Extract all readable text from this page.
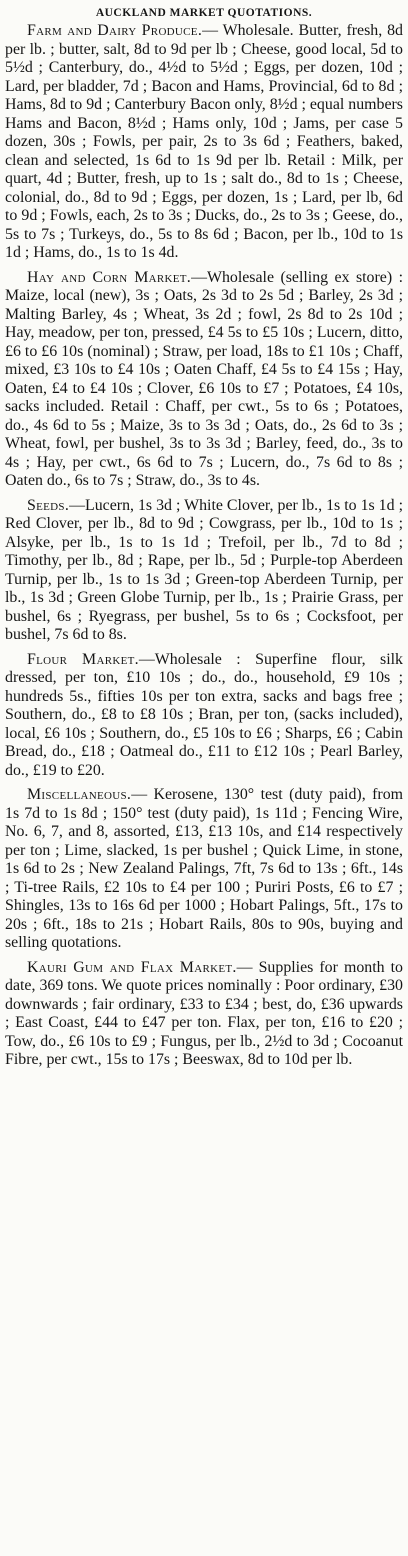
AUCKLAND MARKET QUOTATIONS.

Farm and Dairy Produce.— Wholesale. Butter, fresh, 8d per lb. ; butter, salt, 8d to 9d per lb ; Cheese, good local, 5d to 5½d ; Canterbury, do., 4½d to 5½d ; Eggs, per dozen, 10d ; Lard, per bladder, 7d ; Bacon and Hams, Provincial, 6d to 8d ; Hams, 8d to 9d ; Canterbury Bacon only, 8½d ; equal numbers Hams and Bacon, 8½d ; Hams only, 10d ; Jams, per case 5 dozen, 30s ; Fowls, per pair, 2s to 3s 6d ; Feathers, baked, clean and selected, 1s 6d to 1s 9d per lb. Retail : Milk, per quart, 4d ; Butter, fresh, up to 1s ; salt do., 8d to 1s ; Cheese, colonial, do., 8d to 9d ; Eggs, per dozen, 1s ; Lard, per lb, 6d to 9d ; Fowls, each, 2s to 3s ; Ducks, do., 2s to 3s ; Geese, do., 5s to 7s ; Turkeys, do., 5s to 8s 6d ; Bacon, per lb., 10d to 1s 1d ; Hams, do., 1s to 1s 4d.

Hay and Corn Market.—Wholesale (selling ex store) : Maize, local (new), 3s ; Oats, 2s 3d to 2s 5d ; Barley, 2s 3d ; Malting Barley, 4s ; Wheat, 3s 2d ; fowl, 2s 8d to 2s 10d ; Hay, meadow, per ton, pressed, £4 5s to £5 10s ; Lucern, ditto, £6 to £6 10s (nominal) ; Straw, per load, 18s to £1 10s ; Chaff, mixed, £3 10s to £4 10s ; Oaten Chaff, £4 5s to £4 15s ; Hay, Oaten, £4 to £4 10s ; Clover, £6 10s to £7 ; Potatoes, £4 10s, sacks included. Retail : Chaff, per cwt., 5s to 6s ; Potatoes, do., 4s 6d to 5s ; Maize, 3s to 3s 3d ; Oats, do., 2s 6d to 3s ; Wheat, fowl, per bushel, 3s to 3s 3d ; Barley, feed, do., 3s to 4s ; Hay, per cwt., 6s 6d to 7s ; Lucern, do., 7s 6d to 8s ; Oaten do., 6s to 7s ; Straw, do., 3s to 4s.

Seeds.—Lucern, 1s 3d ; White Clover, per lb., 1s to 1s 1d ; Red Clover, per lb., 8d to 9d ; Cowgrass, per lb., 10d to 1s ; Alsyke, per lb., 1s to 1s 1d ; Trefoil, per lb., 7d to 8d ; Timothy, per lb., 8d ; Rape, per lb., 5d ; Purple-top Aberdeen Turnip, per lb., 1s to 1s 3d ; Green-top Aberdeen Turnip, per lb., 1s 3d ; Green Globe Turnip, per lb., 1s ; Prairie Grass, per bushel, 6s ; Ryegrass, per bushel, 5s to 6s ; Cocksfoot, per bushel, 7s 6d to 8s.

Flour Market.—Wholesale : Superfine flour, silk dressed, per ton, £10 10s ; do., do., household, £9 10s ; hundreds 5s., fifties 10s per ton extra, sacks and bags free ; Southern, do., £8 to £8 10s ; Bran, per ton, (sacks included), local, £6 10s ; Southern, do., £5 10s to £6 ; Sharps, £6 ; Cabin Bread, do., £18 ; Oatmeal do., £11 to £12 10s ; Pearl Barley, do., £19 to £20.

Miscellaneous.— Kerosene, 130° test (duty paid), from 1s 7d to 1s 8d ; 150° test (duty paid), 1s 11d ; Fencing Wire, No. 6, 7, and 8, assorted, £13, £13 10s, and £14 respectively per ton ; Lime, slacked, 1s per bushel ; Quick Lime, in stone, 1s 6d to 2s ; New Zealand Palings, 7ft, 7s 6d to 13s ; 6ft., 14s ; Ti-tree Rails, £2 10s to £4 per 100 ; Puriri Posts, £6 to £7 ; Shingles, 13s to 16s 6d per 1000 ; Hobart Palings, 5ft., 17s to 20s ; 6ft., 18s to 21s ; Hobart Rails, 80s to 90s, buying and selling quotations.

Kauri Gum and Flax Market.— Supplies for month to date, 369 tons. We quote prices nominally : Poor ordinary, £30 downwards ; fair ordinary, £33 to £34 ; best, do, £36 upwards ; East Coast, £44 to £47 per ton. Flax, per ton, £16 to £20 ; Tow, do., £6 10s to £9 ; Fungus, per lb., 2½d to 3d ; Cocoanut Fibre, per cwt., 15s to 17s ; Beeswax, 8d to 10d per lb.
